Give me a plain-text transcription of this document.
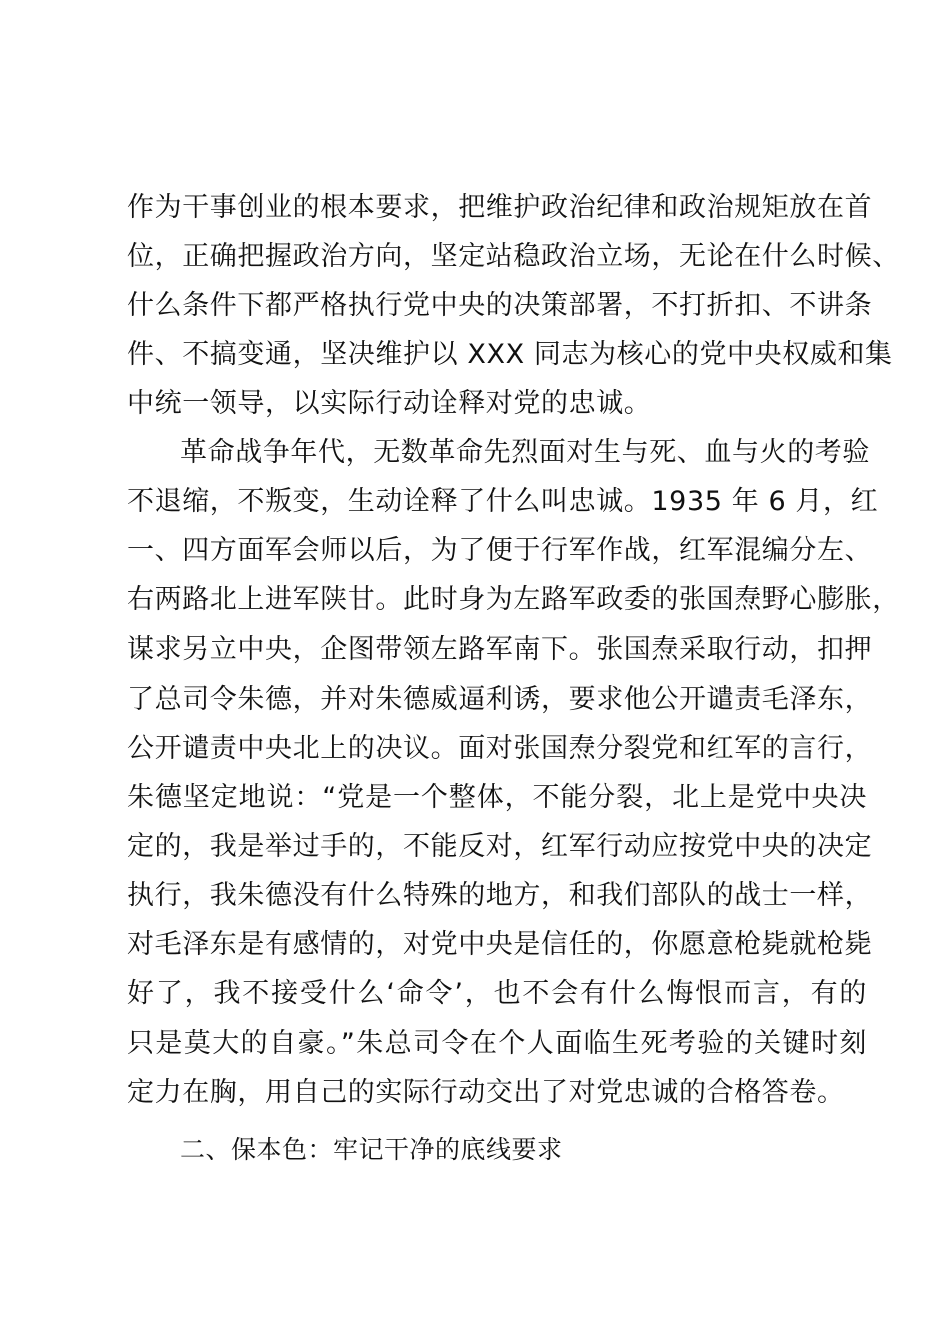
作为干事创业的根本要求，把维护政治纪律和政治规矩放在首
位，正确把握政治方向，坚定站稳政治立场，无论在什么时候、
什么条件下都严格执行党中央的决策部署，不打折扣、不讲条
件、不搞变通，坚决维护以 XXX 同志为核心的党中央权威和集
中统一领导，以实际行动诠释对党的忠诚。
革命战争年代，无数革命先烈面对生与死、血与火的考验
不退缩，不叛变，生动诠释了什么叫忠诚。1935 年 6 月，红
一、四方面军会师以后，为了便于行军作战，红军混编分左、
右两路北上进军陕甘。此时身为左路军政委的张国焘野心膨胀，
谋求另立中央，企图带领左路军南下。张国焘采取行动，扣押
了总司令朱德，并对朱德威逼利诱，要求他公开谴责毛泽东，
公开谴责中央北上的决议。面对张国焘分裂党和红军的言行，
朱德坚定地说：“党是一个整体，不能分裂，北上是党中央决
定的，我是举过手的，不能反对，红军行动应按党中央的决定
执行，我朱德没有什么特殊的地方，和我们部队的战士一样，
对毛泽东是有感情的，对党中央是信任的，你愿意枪毙就枪毙
好了，我不接受什么‘命令’，也不会有什么悔恨而言，有的
只是莫大的自豪。”朱总司令在个人面临生死考验的关键时刻
定力在胸，用自己的实际行动交出了对党忠诚的合格答卷。
二、保本色：牢记干净的底线要求
